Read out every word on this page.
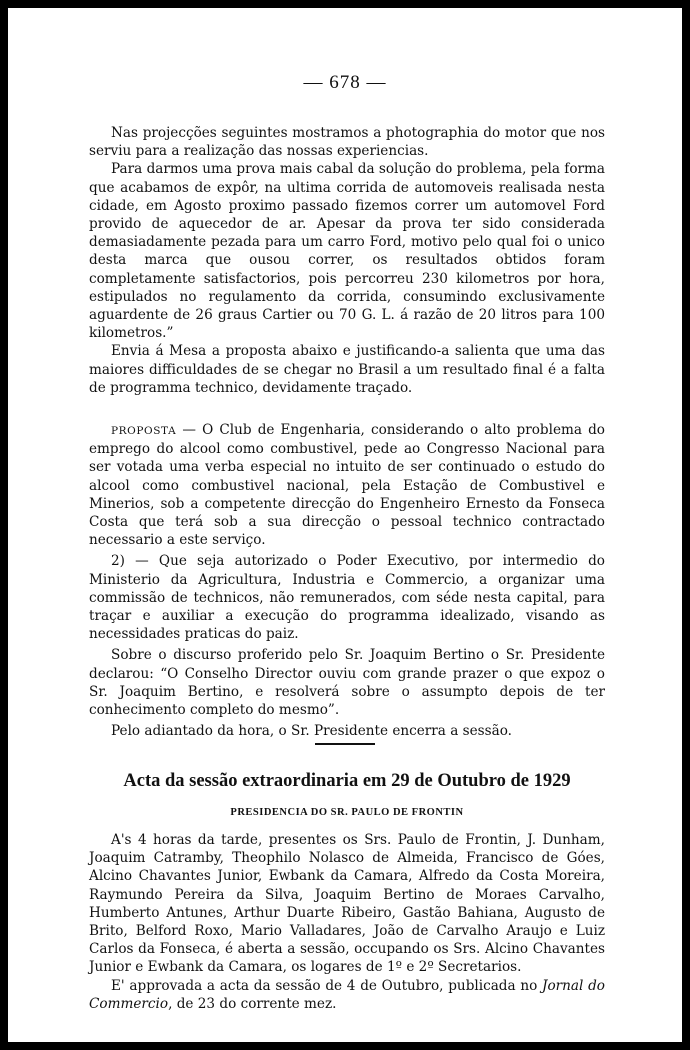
— 678 —

Nas projecções seguintes mostramos a photographia do motor que nos serviu para a realização das nossas experiencias.

Para darmos uma prova mais cabal da solução do problema, pela forma que acabamos de expôr, na ultima corrida de automoveis realisada nesta cidade, em Agosto proximo passado fizemos correr um automovel Ford provido de aquecedor de ar. Apesar da prova ter sido considerada demasiadamente pezada para um carro Ford, motivo pelo qual foi o unico desta marca que ousou correr, os resultados obtidos foram completamente satisfactorios, pois percorreu 230 kilometros por hora, estipulados no regulamento da corrida, consumindo exclusivamente aguardente de 26 graus Cartier ou 70 G. L. á razão de 20 litros para 100 kilometros.”

Envia á Mesa a proposta abaixo e justificando-a salienta que uma das maiores difficuldades de se chegar no Brasil a um resultado final é a falta de programma technico, devidamente traçado.

PROPOSTA — O Club de Engenharia, considerando o alto problema do emprego do alcool como combustivel, pede ao Congresso Nacional para ser votada uma verba especial no intuito de ser continuado o estudo do alcool como combustivel nacional, pela Estação de Combustivel e Minerios, sob a competente direcção do Engenheiro Ernesto da Fonseca Costa que terá sob a sua direcção o pessoal technico contractado necessario a este serviço.

2) — Que seja autorizado o Poder Executivo, por intermedio do Ministerio da Agricultura, Industria e Commercio, a organizar uma commissão de technicos, não remunerados, com séde nesta capital, para traçar e auxiliar a execução do programma idealizado, visando as necessidades praticas do paiz.

Sobre o discurso proferido pelo Sr. Joaquim Bertino o Sr. Presidente declarou: “O Conselho Director ouviu com grande prazer o que expoz o Sr. Joaquim Bertino, e resolverá sobre o assumpto depois de ter conhecimento completo do mesmo”.

Pelo adiantado da hora, o Sr. Presidente encerra a sessão.

Acta da sessão extraordinaria em 29 de Outubro de 1929
PRESIDENCIA DO SR. PAULO DE FRONTIN

A's 4 horas da tarde, presentes os Srs. Paulo de Frontin, J. Dunham, Joaquim Catramby, Theophilo Nolasco de Almeida, Francisco de Góes, Alcino Chavantes Junior, Ewbank da Camara, Alfredo da Costa Moreira, Raymundo Pereira da Silva, Joaquim Bertino de Moraes Carvalho, Humberto Antunes, Arthur Duarte Ribeiro, Gastão Bahiana, Augusto de Brito, Belford Roxo, Mario Valladares, João de Carvalho Araujo e Luiz Carlos da Fonseca, é aberta a sessão, occupando os Srs. Alcino Chavantes Junior e Ewbank da Camara, os logares de 1º e 2º Secretarios.

E' approvada a acta da sessão de 4 de Outubro, publicada no Jornal do Commercio, de 23 do corrente mez.
